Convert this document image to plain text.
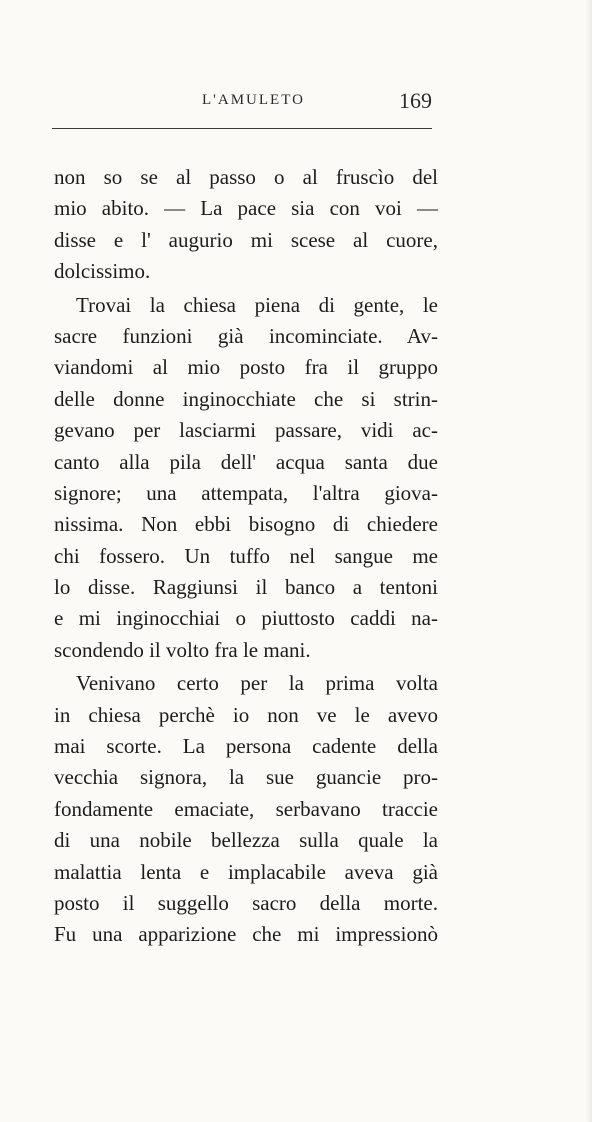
L'AMULETO	169
non so se al passo o al fruscìo del
mio abito. — La pace sia con voi —
disse e l' augurio mi scese al cuore,
dolcissimo.
Trovai la chiesa piena di gente, le
sacre funzioni già incominciate. Av-
viandomi al mio posto fra il gruppo
delle donne inginocchiate che si strin-
gevano per lasciarmi passare, vidi ac-
canto alla pila dell' acqua santa due
signore; una attempata, l'altra giova-
nissima. Non ebbi bisogno di chiedere
chi fossero. Un tuffo nel sangue me
lo disse. Raggiunsi il banco a tentoni
e mi inginocchiai o piuttosto caddi na-
scondendo il volto fra le mani.
Venivano certo per la prima volta
in chiesa perchè io non ve le avevo
mai scorte. La persona cadente della
vecchia signora, la sue guancie pro-
fondamente emaciate, serbavano traccie
di una nobile bellezza sulla quale la
malattia lenta e implacabile aveva già
posto il suggello sacro della morte.
Fu una apparizione che mi impressionò
